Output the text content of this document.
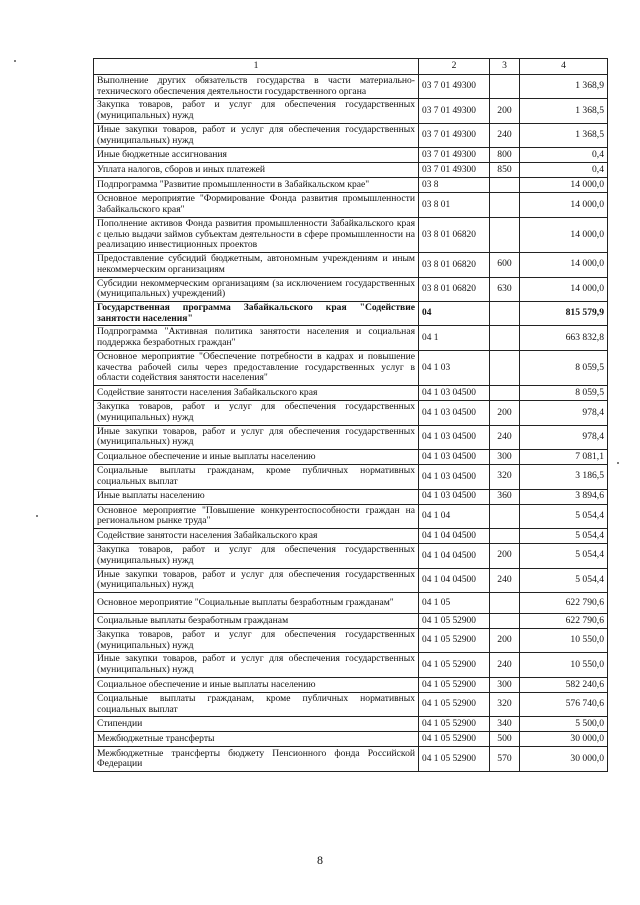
1	2	3	4
Выполнение других обязательств государства в части материально-технического обеспечения деятельности государственного органа	03 7 01 49300		1 368,9
Закупка товаров, работ и услуг для обеспечения государственных (муниципальных) нужд	03 7 01 49300	200	1 368,5
Иные закупки товаров, работ и услуг для обеспечения государственных (муниципальных) нужд	03 7 01 49300	240	1 368,5
Иные бюджетные ассигнования	03 7 01 49300	800	0,4
Уплата налогов, сборов и иных платежей	03 7 01 49300	850	0,4
Подпрограмма "Развитие промышленности в Забайкальском крае"	03 8		14 000,0
Основное мероприятие "Формирование Фонда развития промышленности Забайкальского края"	03 8 01		14 000,0
Пополнение активов Фонда развития промышленности Забайкальского края с целью выдачи займов субъектам деятельности в сфере промышленности на реализацию инвестиционных проектов	03 8 01 06820		14 000,0
Предоставление субсидий бюджетным, автономным учреждениям и иным некоммерческим организациям	03 8 01 06820	600	14 000,0
Субсидии некоммерческим организациям (за исключением государственных (муниципальных) учреждений)	03 8 01 06820	630	14 000,0
Государственная программа Забайкальского края "Содействие занятости населения"	04		815 579,9
Подпрограмма "Активная политика занятости населения и социальная поддержка безработных граждан"	04 1		663 832,8
Основное мероприятие "Обеспечение потребности в кадрах и повышение качества рабочей силы через предоставление государственных услуг в области содействия занятости населения"	04 1 03		8 059,5
Содействие занятости населения Забайкальского края	04 1 03 04500		8 059,5
Закупка товаров, работ и услуг для обеспечения государственных (муниципальных) нужд	04 1 03 04500	200	978,4
Иные закупки товаров, работ и услуг для обеспечения государственных (муниципальных) нужд	04 1 03 04500	240	978,4
Социальное обеспечение и иные выплаты населению	04 1 03 04500	300	7 081,1
Социальные выплаты гражданам, кроме публичных нормативных социальных выплат	04 1 03 04500	320	3 186,5
Иные выплаты населению	04 1 03 04500	360	3 894,6
Основное мероприятие "Повышение конкурентоспособности граждан на региональном рынке труда"	04 1 04		5 054,4
Содействие занятости населения Забайкальского края	04 1 04 04500		5 054,4
Закупка товаров, работ и услуг для обеспечения государственных (муниципальных) нужд	04 1 04 04500	200	5 054,4
Иные закупки товаров, работ и услуг для обеспечения государственных (муниципальных) нужд	04 1 04 04500	240	5 054,4
Основное мероприятие "Социальные выплаты безработным гражданам"	04 1 05		622 790,6
Социальные выплаты безработным гражданам	04 1 05 52900		622 790,6
Закупка товаров, работ и услуг для обеспечения государственных (муниципальных) нужд	04 1 05 52900	200	10 550,0
Иные закупки товаров, работ и услуг для обеспечения государственных (муниципальных) нужд	04 1 05 52900	240	10 550,0
Социальное обеспечение и иные выплаты населению	04 1 05 52900	300	582 240,6
Социальные выплаты гражданам, кроме публичных нормативных социальных выплат	04 1 05 52900	320	576 740,6
Стипендии	04 1 05 52900	340	5 500,0
Межбюджетные трансферты	04 1 05 52900	500	30 000,0
Межбюджетные трансферты бюджету Пенсионного фонда Российской Федерации	04 1 05 52900	570	30 000,0
8
